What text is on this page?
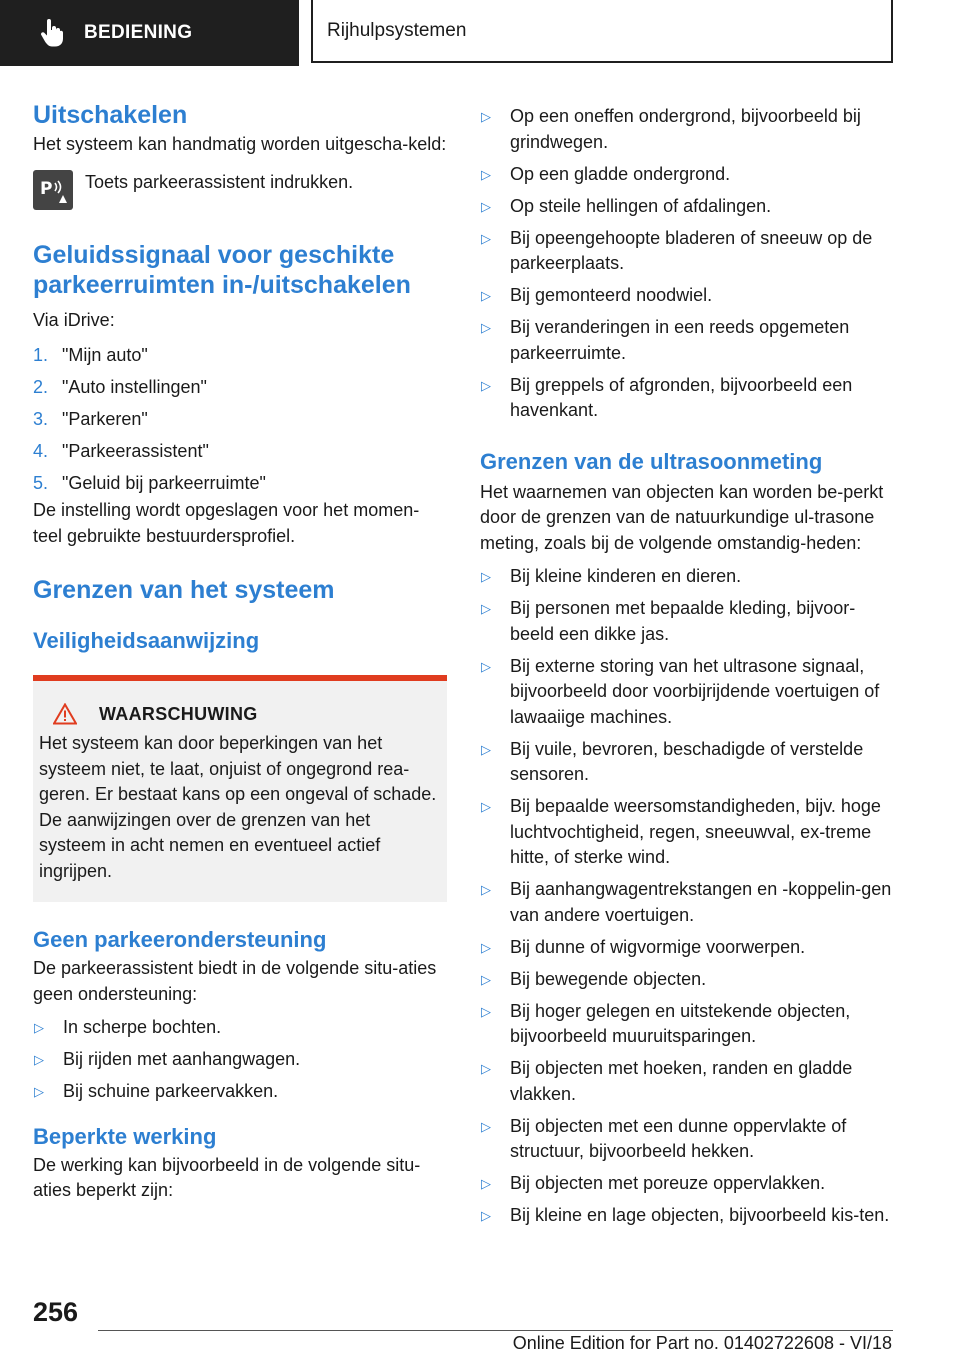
BEDIENING	Rijhulpsystemen
Uitschakelen

Het systeem kan handmatig worden uitgescha-keld:

P Toets parkeerassistent indrukken.
Geluidssignaal voor geschikte parkeerruimten in-/uitschakelen

Via iDrive:

1. "Mijn auto"
2. "Auto instellingen"
3. "Parkeren"
4. "Parkeerassistent"
5. "Geluid bij parkeerruimte"

De instelling wordt opgeslagen voor het momen-teel gebruikte bestuurdersprofiel.

Grenzen van het systeem
Veiligheidsaanwijzing
WAARSCHUWING

Het systeem kan door beperkingen van het systeem niet, te laat, onjuist of ongegrond rea-geren. Er bestaat kans op een ongeval of schade. De aanwijzingen over de grenzen van het systeem in acht nemen en eventueel actief ingrijpen.

Geen parkeerondersteuning

De parkeerassistent biedt in de volgende situ-aties geen ondersteuning:

▷	In scherpe bochten.
▷	Bij rijden met aanhangwagen.
▷	Bij schuine parkeervakken.
Beperkte werking

De werking kan bijvoorbeeld in de volgende situ-aties beperkt zijn:

▷	Op een oneffen ondergrond, bijvoorbeeld bij grindwegen.
▷	Op een gladde ondergrond.
▷	Op steile hellingen of afdalingen.
▷	Bij opeengehoopte bladeren of sneeuw op de parkeerplaats.
▷	Bij gemonteerd noodwiel.
▷	Bij veranderingen in een reeds opgemeten parkeerruimte.
▷	Bij greppels of afgronden, bijvoorbeeld een havenkant.
Grenzen van de ultrasoonmeting

Het waarnemen van objecten kan worden be-perkt door de grenzen van de natuurkundige ul-trasone meting, zoals bij de volgende omstandig-heden:

▷	Bij kleine kinderen en dieren.
▷	Bij personen met bepaalde kleding, bijvoor-beeld een dikke jas.
▷	Bij externe storing van het ultrasone signaal, bijvoorbeeld door voorbijrijdende voertuigen of lawaaiige machines.
▷	Bij vuile, bevroren, beschadigde of verstelde sensoren.
▷	Bij bepaalde weersomstandigheden, bijv. hoge luchtvochtigheid, regen, sneeuwval, ex-treme hitte, of sterke wind.
▷	Bij aanhangwagentrekstangen en -koppelin-gen van andere voertuigen.
▷	Bij dunne of wigvormige voorwerpen.
▷	Bij bewegende objecten.
▷	Bij hoger gelegen en uitstekende objecten, bijvoorbeeld muuruitsparingen.
▷	Bij objecten met hoeken, randen en gladde vlakken.
▷	Bij objecten met een dunne oppervlakte of structuur, bijvoorbeeld hekken.
▷	Bij objecten met poreuze oppervlakken.
▷	Bij kleine en lage objecten, bijvoorbeeld kis-ten.
256
Online Edition for Part no. 01402722608 - VI/18
